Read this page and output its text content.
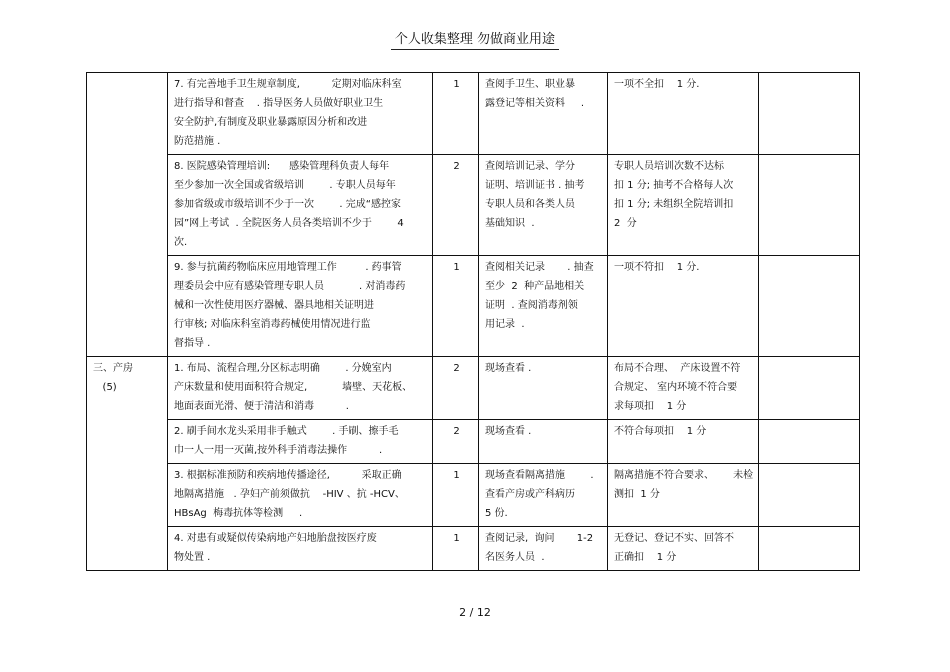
个人收集整理 勿做商业用途

	7. 有完善地手卫生规章制度,          定期对临床科室
进行指导和督查    . 指导医务人员做好职业卫生
安全防护,有制度及职业暴露原因分析和改进
防范措施 .	1	查阅手卫生、职业暴
露登记等相关资料     .	一项不全扣    1 分.	

	8. 医院感染管理培训:      感染管理科负责人每年
至少参加一次全国或省级培训        . 专职人员每年
参加省级或市级培训不少于一次        . 完成“感控家
园”网上考试  . 全院医务人员各类培训不少于        4
次.	2	查阅培训记录、学分
证明、培训证书 . 抽考
专职人员和各类人员
基础知识  .	专职人员培训次数不达标
扣 1 分; 抽考不合格每人次
扣 1 分; 未组织全院培训扣
2  分	

	9. 参与抗菌药物临床应用地管理工作         . 药事管
理委员会中应有感染管理专职人员           . 对消毒药
械和一次性使用医疗器械、器具地相关证明进
行审核; 对临床科室消毒药械使用情况进行监
督指导 .	1	查阅相关记录       . 抽查
至少  2  种产品地相关
证明  . 查阅消毒剂领
用记录  .	一项不符扣    1 分.	

三、产房
(5)	1. 布局、流程合理,分区标志明确        . 分娩室内
产床数量和使用面积符合规定,           墙壁、天花板、
地面表面光滑、便于清洁和消毒          .	2	现场查看 .	布局不合理、  产床设置不符
合规定、 室内环境不符合要
求每项扣    1 分	

	2. 刷手间水龙头采用非手触式        . 手刷、擦手毛
巾一人一用一灭菌,按外科手消毒法操作          .	2	现场查看 .	不符合每项扣    1 分	

	3. 根据标准预防和疾病地传播途径,          采取正确
地隔离措施   . 孕妇产前须做抗    -HIV 、抗 -HCV、
HBsAg  梅毒抗体等检测     .	1	现场查看隔离措施        .
查看产房或产科病历
5 份.	隔离措施不符合要求、      未检
测扣  1 分	

	4. 对患有或疑似传染病地产妇地胎盘按医疗废
物处置 .	1	查阅记录,  询问       1-2
名医务人员  .	无登记、登记不实、回答不
正确扣    1 分	

2 / 12
